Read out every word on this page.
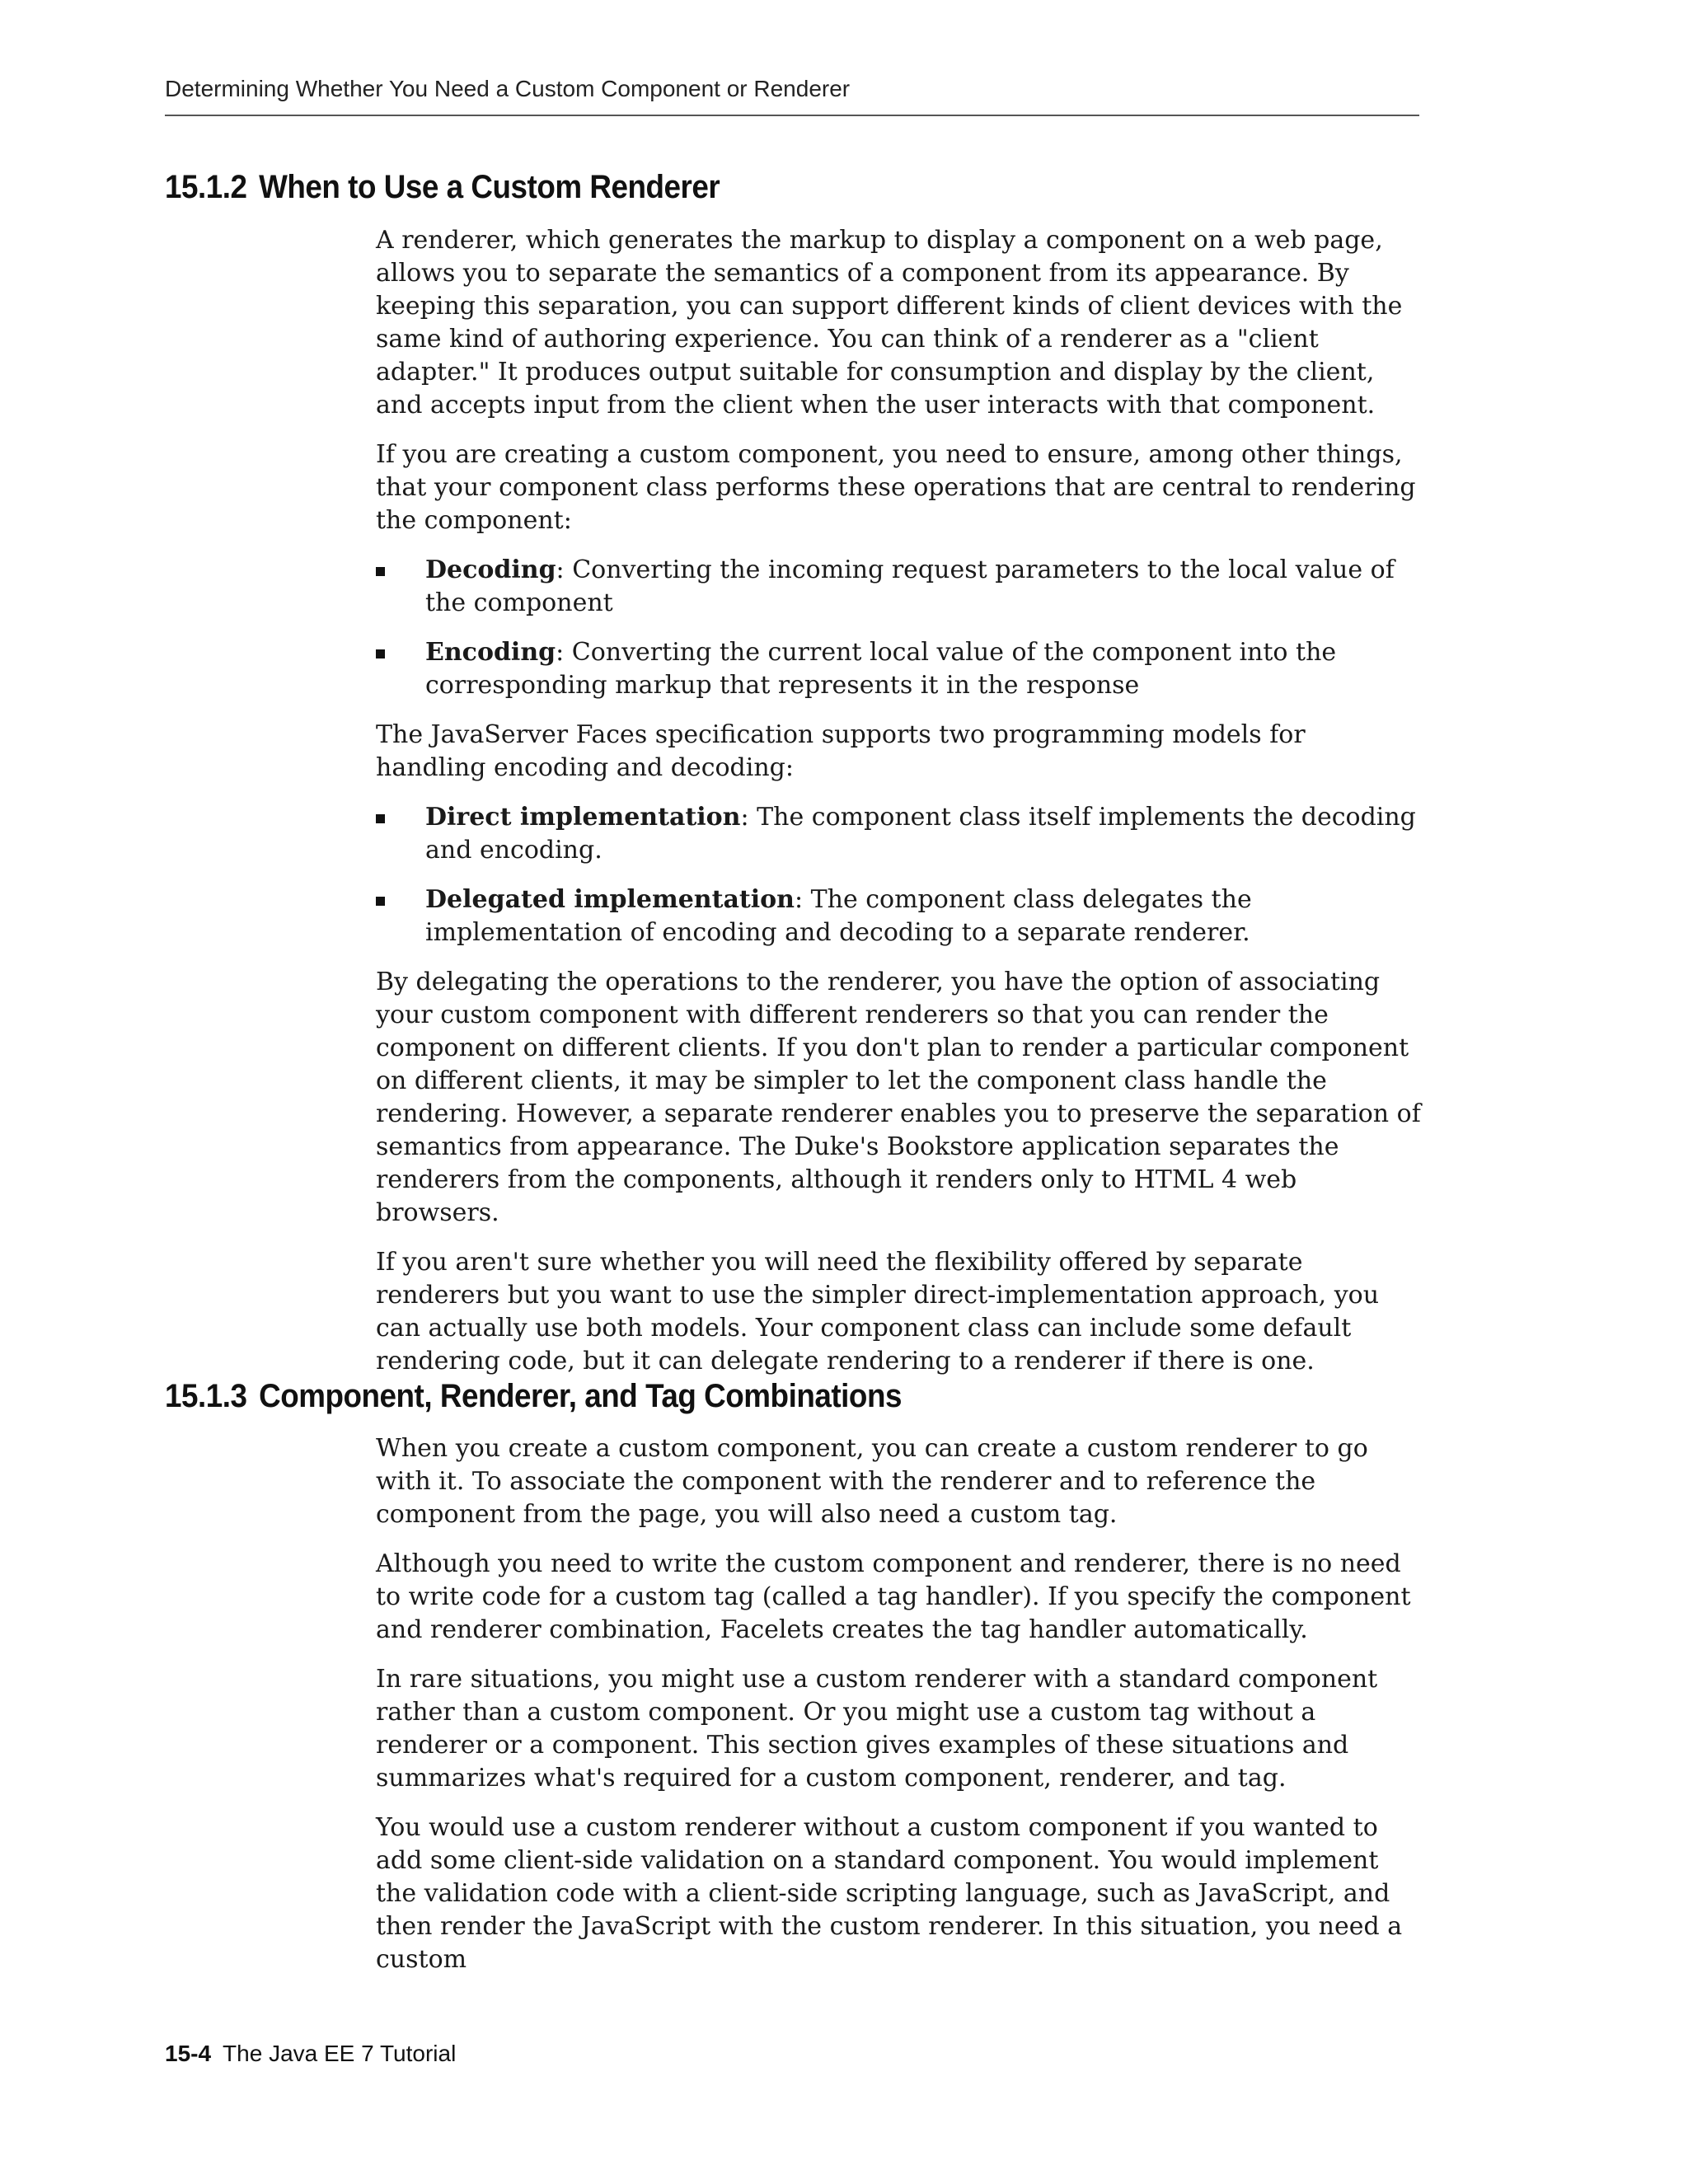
Determining Whether You Need a Custom Component or Renderer
15.1.2 When to Use a Custom Renderer

A renderer, which generates the markup to display a component on a web page, allows you to separate the semantics of a component from its appearance. By keeping this separation, you can support different kinds of client devices with the same kind of authoring experience. You can think of a renderer as a "client adapter." It produces output suitable for consumption and display by the client, and accepts input from the client when the user interacts with that component.

If you are creating a custom component, you need to ensure, among other things, that your component class performs these operations that are central to rendering the component:

Decoding: Converting the incoming request parameters to the local value of the component
Encoding: Converting the current local value of the component into the corresponding markup that represents it in the response

The JavaServer Faces specification supports two programming models for handling encoding and decoding:

Direct implementation: The component class itself implements the decoding and encoding.
Delegated implementation: The component class delegates the implementation of encoding and decoding to a separate renderer.

By delegating the operations to the renderer, you have the option of associating your custom component with different renderers so that you can render the component on different clients. If you don't plan to render a particular component on different clients, it may be simpler to let the component class handle the rendering. However, a separate renderer enables you to preserve the separation of semantics from appearance. The Duke's Bookstore application separates the renderers from the components, although it renders only to HTML 4 web browsers.

If you aren't sure whether you will need the flexibility offered by separate renderers but you want to use the simpler direct-implementation approach, you can actually use both models. Your component class can include some default rendering code, but it can delegate rendering to a renderer if there is one.

15.1.3 Component, Renderer, and Tag Combinations

When you create a custom component, you can create a custom renderer to go with it. To associate the component with the renderer and to reference the component from the page, you will also need a custom tag.

Although you need to write the custom component and renderer, there is no need to write code for a custom tag (called a tag handler). If you specify the component and renderer combination, Facelets creates the tag handler automatically.

In rare situations, you might use a custom renderer with a standard component rather than a custom component. Or you might use a custom tag without a renderer or a component. This section gives examples of these situations and summarizes what's required for a custom component, renderer, and tag.

You would use a custom renderer without a custom component if you wanted to add some client-side validation on a standard component. You would implement the validation code with a client-side scripting language, such as JavaScript, and then render the JavaScript with the custom renderer. In this situation, you need a custom

15-4 The Java EE 7 Tutorial
